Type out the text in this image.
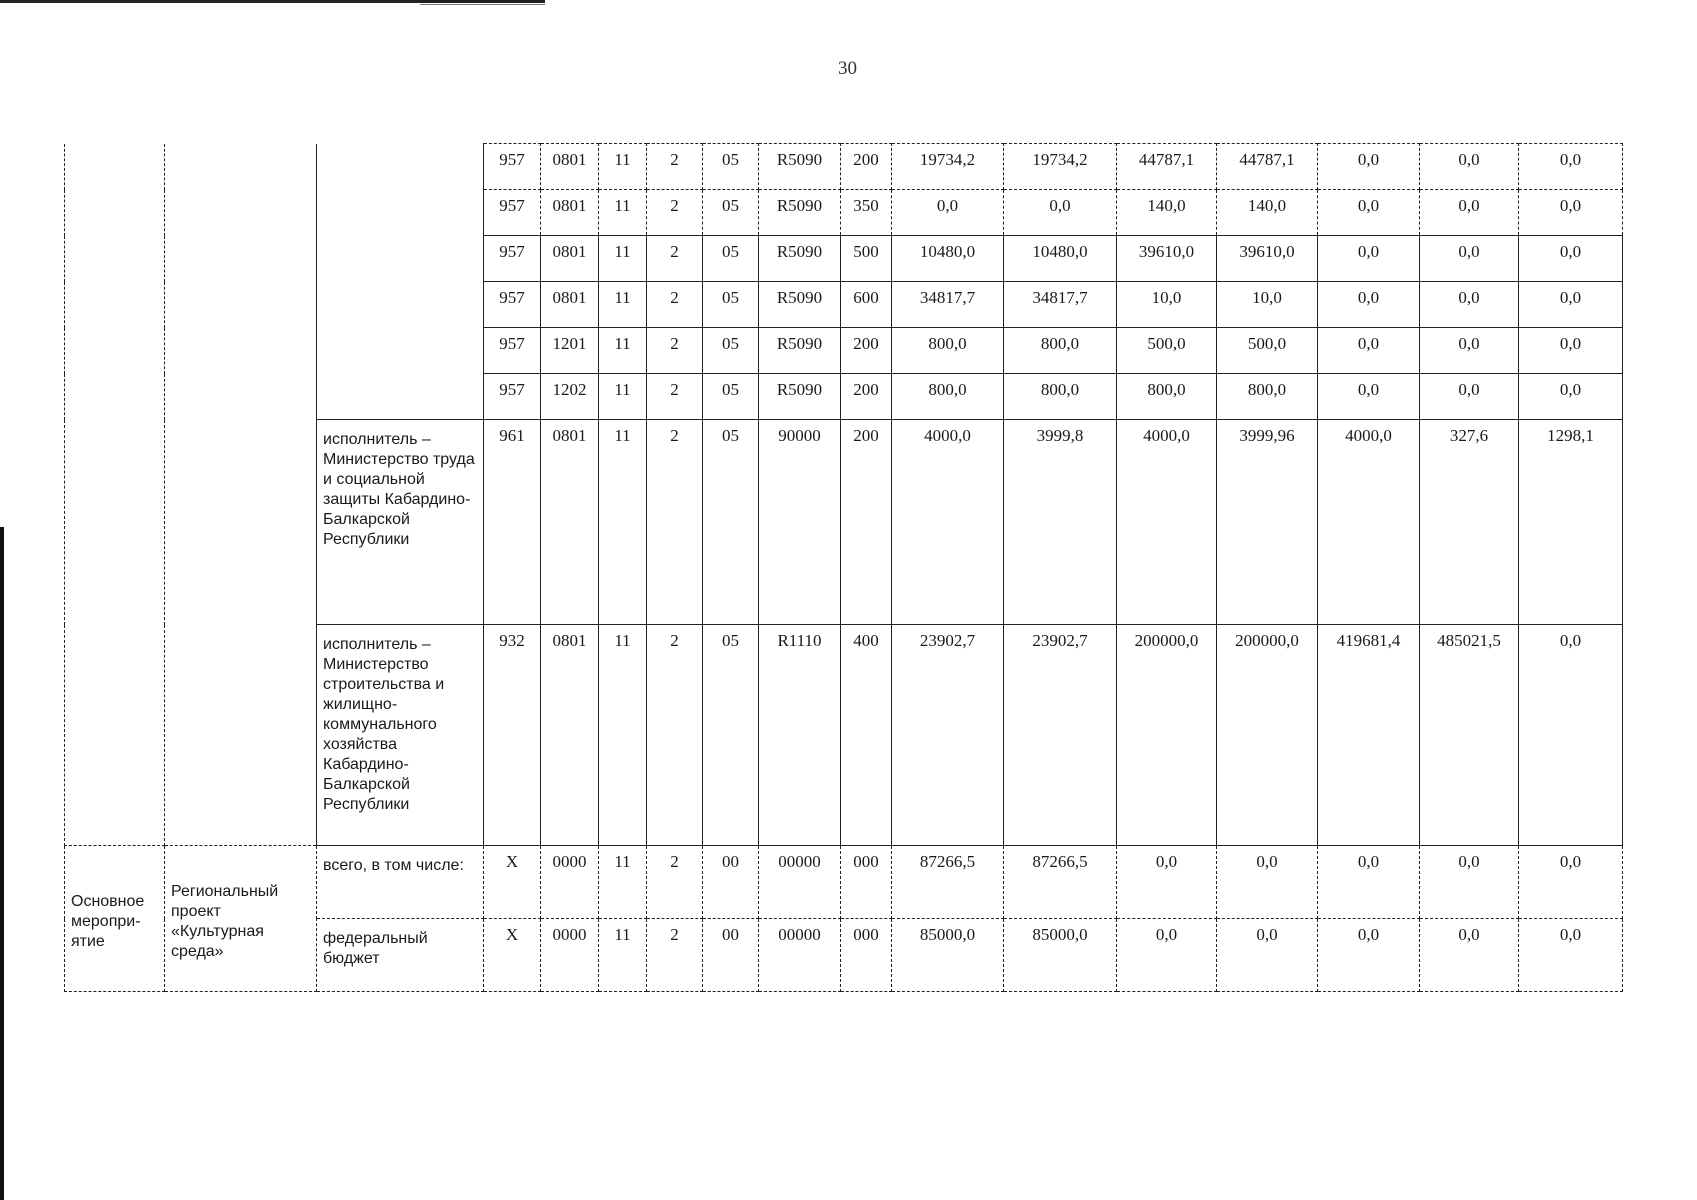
30
			957	0801	11	2	05	R5090	200	19734,2	19734,2	44787,1	44787,1	0,0	0,0	0,0
			957	0801	11	2	05	R5090	350	0,0	0,0	140,0	140,0	0,0	0,0	0,0
			957	0801	11	2	05	R5090	500	10480,0	10480,0	39610,0	39610,0	0,0	0,0	0,0
			957	0801	11	2	05	R5090	600	34817,7	34817,7	10,0	10,0	0,0	0,0	0,0
			957	1201	11	2	05	R5090	200	800,0	800,0	500,0	500,0	0,0	0,0	0,0
			957	1202	11	2	05	R5090	200	800,0	800,0	800,0	800,0	0,0	0,0	0,0
		исполнитель – Министерство труда и социальной защиты Кабардино-Балкарской Республики	961	0801	11	2	05	90000	200	4000,0	3999,8	4000,0	3999,96	4000,0	327,6	1298,1
		исполнитель – Министерство строительства и жилищно-коммунального хозяйства Кабардино-Балкарской Республики	932	0801	11	2	05	R1110	400	23902,7	23902,7	200000,0	200000,0	419681,4	485021,5	0,0
Основное меропри-ятие	Региональный проект «Культурная среда»	всего, в том числе:	X	0000	11	2	00	00000	000	87266,5	87266,5	0,0	0,0	0,0	0,0	0,0
		федеральный бюджет	X	0000	11	2	00	00000	000	85000,0	85000,0	0,0	0,0	0,0	0,0	0,0
